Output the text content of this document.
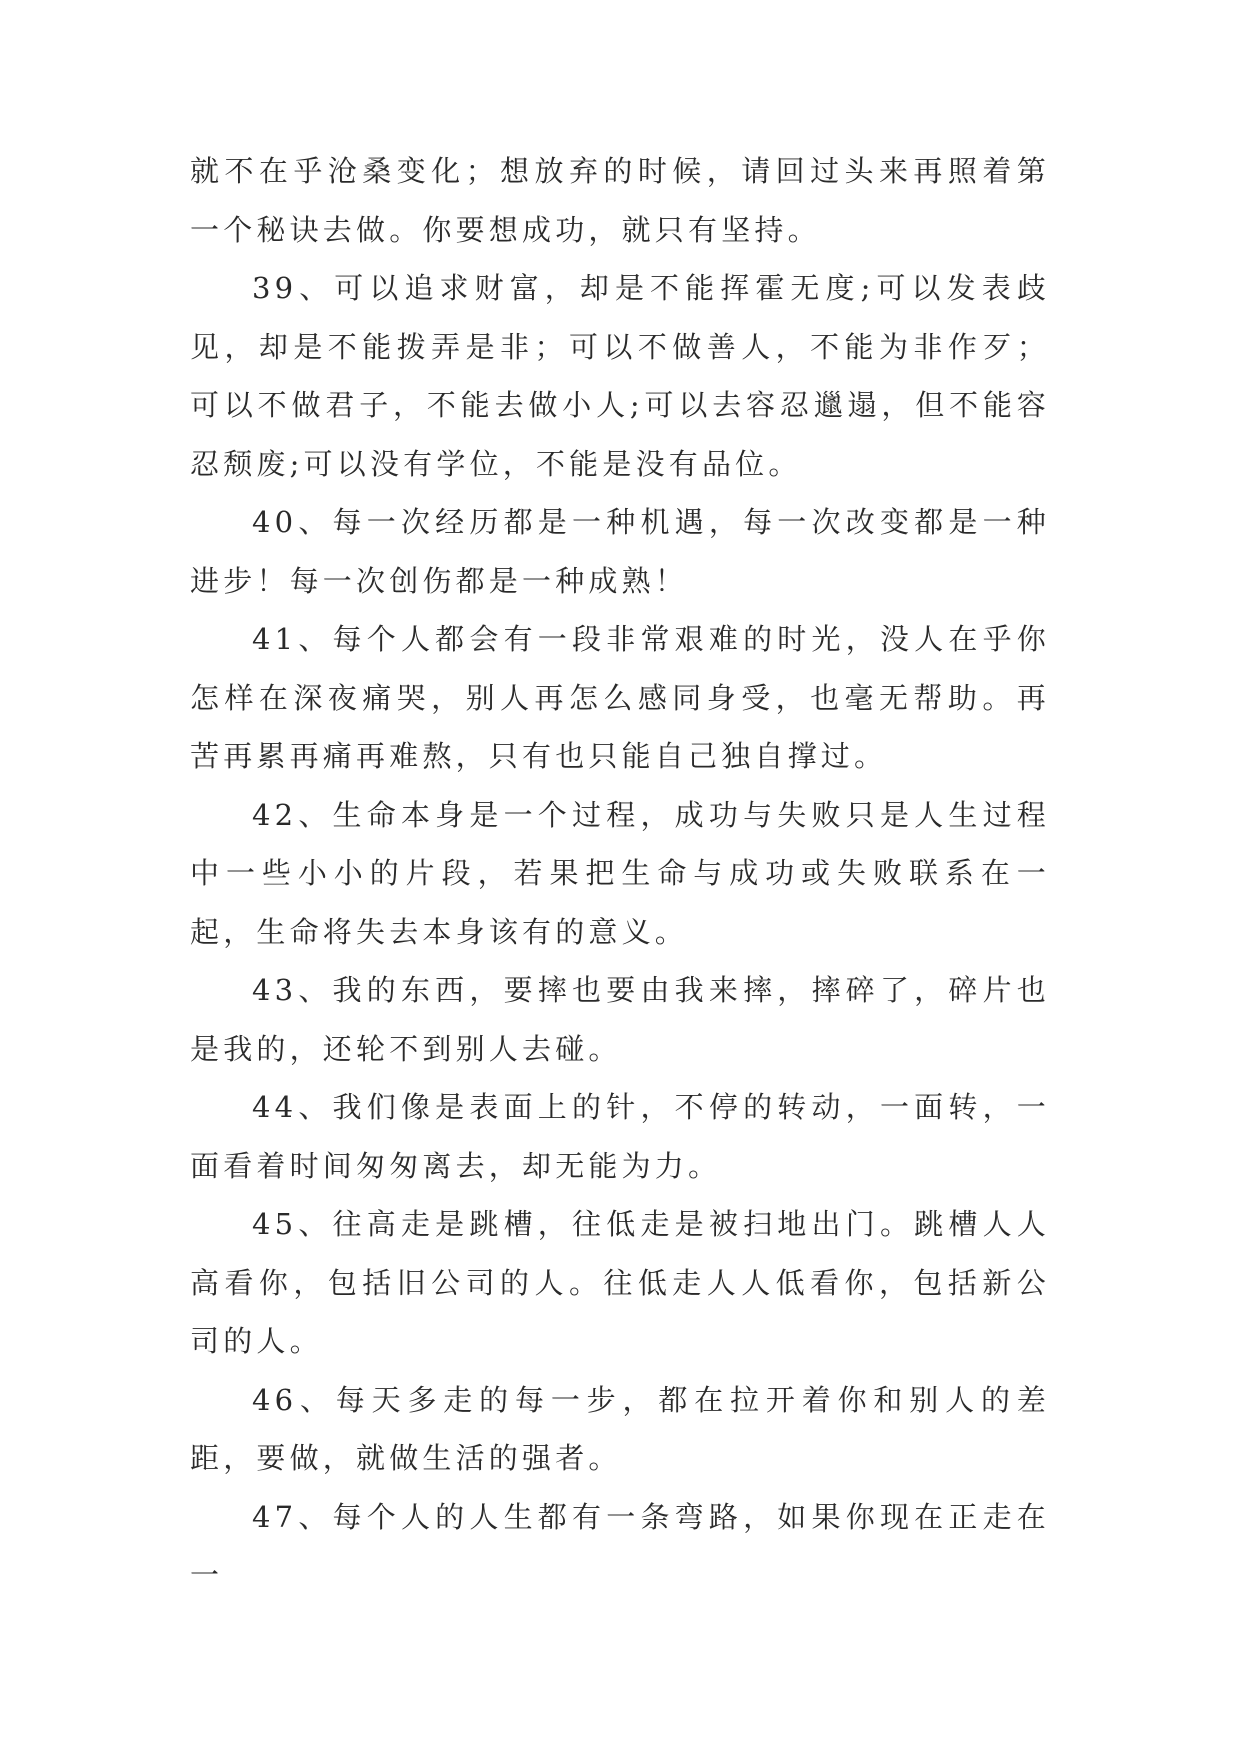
就不在乎沧桑变化；想放弃的时候，请回过头来再照着第一个秘诀去做。你要想成功，就只有坚持。

39、可以追求财富，却是不能挥霍无度;可以发表歧见，却是不能拨弄是非；可以不做善人，不能为非作歹；可以不做君子，不能去做小人;可以去容忍邋遢，但不能容忍颓废;可以没有学位，不能是没有品位。

40、每一次经历都是一种机遇，每一次改变都是一种进步！每一次创伤都是一种成熟！

41、每个人都会有一段非常艰难的时光，没人在乎你怎样在深夜痛哭，别人再怎么感同身受，也毫无帮助。再苦再累再痛再难熬，只有也只能自己独自撑过。

42、生命本身是一个过程，成功与失败只是人生过程中一些小小的片段，若果把生命与成功或失败联系在一起，生命将失去本身该有的意义。

43、我的东西，要摔也要由我来摔，摔碎了，碎片也是我的，还轮不到别人去碰。

44、我们像是表面上的针，不停的转动，一面转，一面看着时间匆匆离去，却无能为力。

45、往高走是跳槽，往低走是被扫地出门。跳槽人人高看你，包括旧公司的人。往低走人人低看你，包括新公司的人。

46、每天多走的每一步，都在拉开着你和别人的差距，要做，就做生活的强者。

47、每个人的人生都有一条弯路，如果你现在正走在一
